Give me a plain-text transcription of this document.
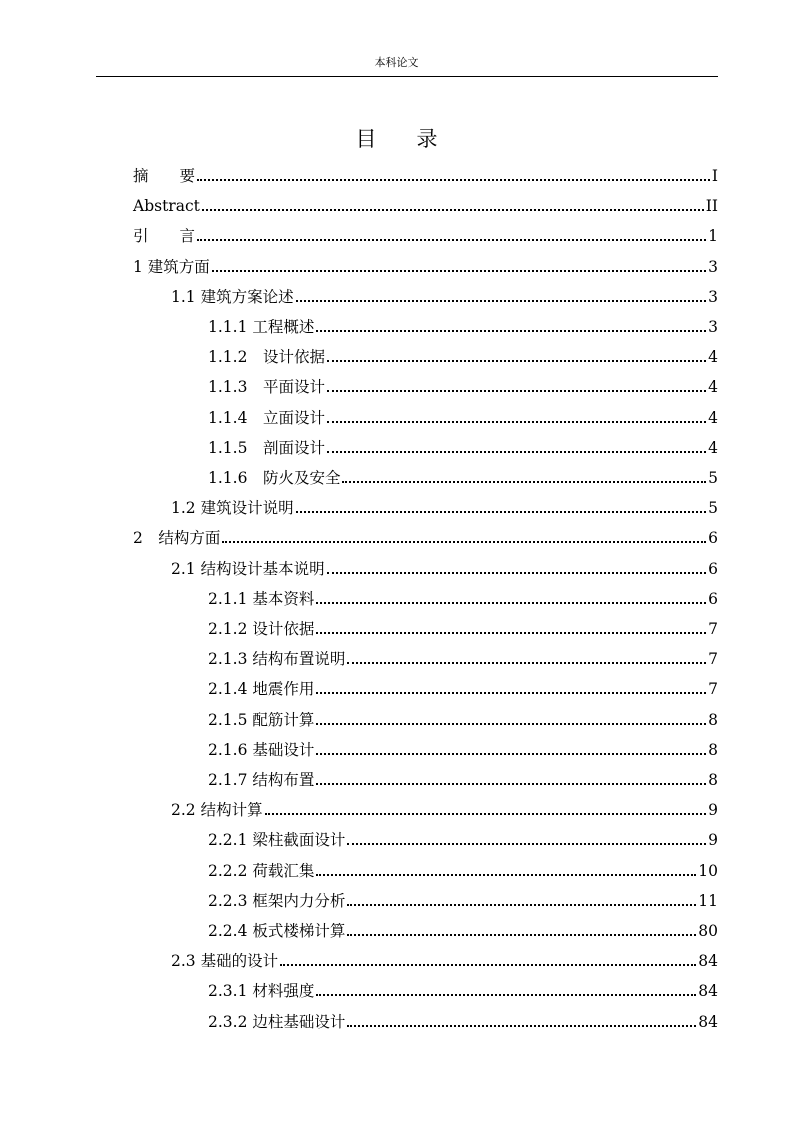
本科论文
目 录
摘　　要	I
Abstract	II
引　　言	1
1 建筑方面	3
1.1 建筑方案论述	3
1.1.1 工程概述	3
1.1.2　设计依据	4
1.1.3　平面设计	4
1.1.4　立面设计	4
1.1.5　剖面设计	4
1.1.6　防火及安全	5
1.2 建筑设计说明	5
2　结构方面	6
2.1 结构设计基本说明	6
2.1.1 基本资料	6
2.1.2 设计依据	7
2.1.3 结构布置说明	7
2.1.4 地震作用	7
2.1.5 配筋计算	8
2.1.6 基础设计	8
2.1.7 结构布置	8
2.2 结构计算	9
2.2.1 梁柱截面设计	9
2.2.2 荷载汇集	10
2.2.3 框架内力分析	11
2.2.4 板式楼梯计算	80
2.3 基础的设计	84
2.3.1 材料强度	84
2.3.2 边柱基础设计	84
